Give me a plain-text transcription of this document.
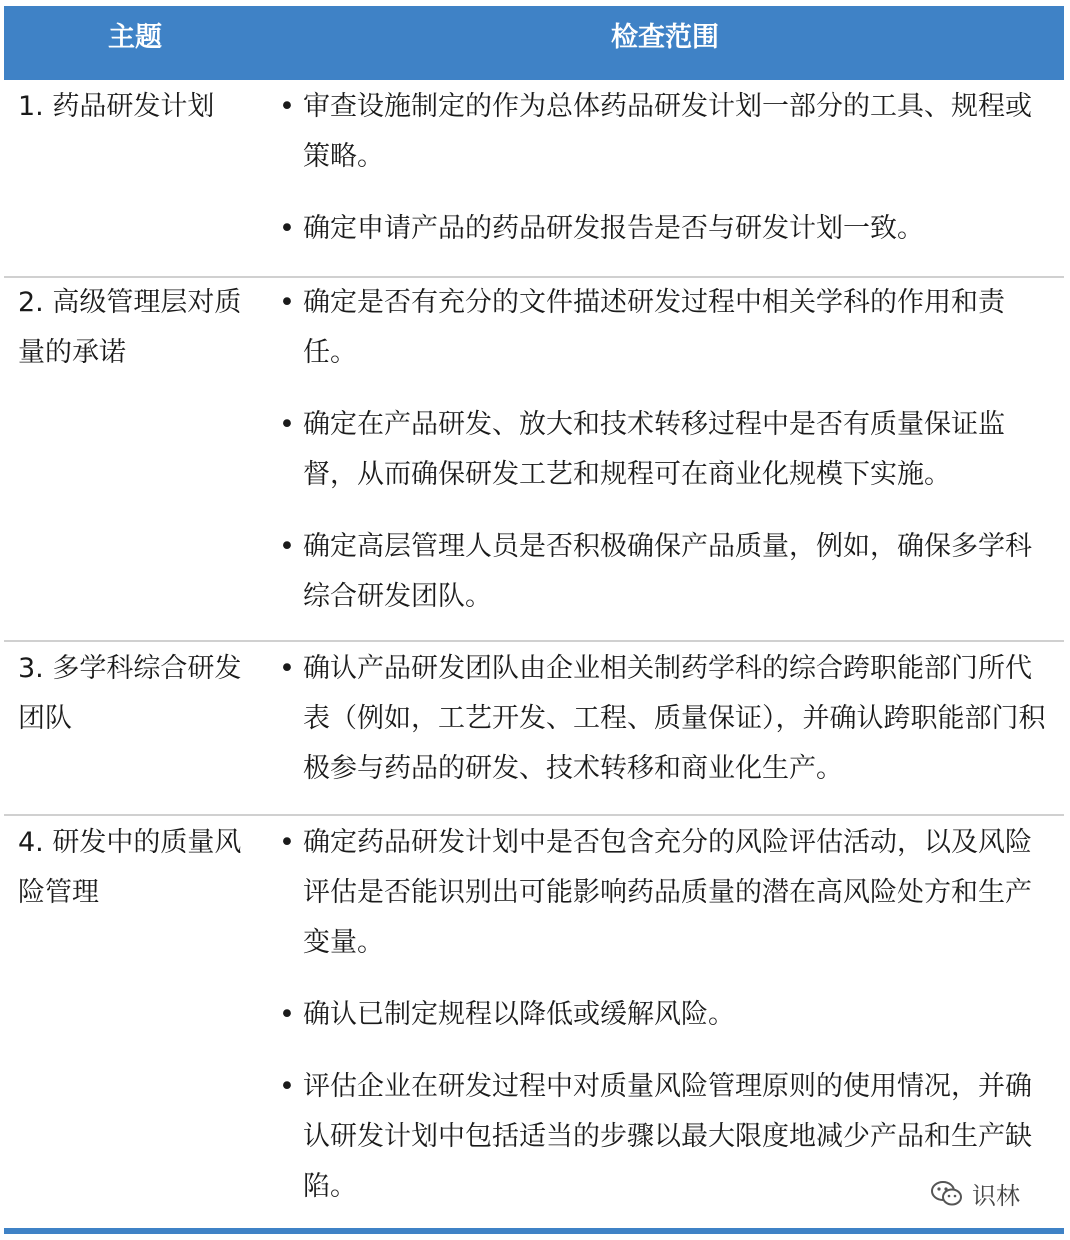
主题	检查范围
1. 药品研发计划	• 审查设施制定的作为总体药品研发计划一部分的工具、规程或策略。
• 确定申请产品的药品研发报告是否与研发计划一致。
2. 高级管理层对质量的承诺
• 确定是否有充分的文件描述研发过程中相关学科的作用和责任。
• 确定在产品研发、放大和技术转移过程中是否有质量保证监督，从而确保研发工艺和规程可在商业化规模下实施。
• 确定高层管理人员是否积极确保产品质量，例如，确保多学科综合研发团队。
3. 多学科综合研发团队
• 确认产品研发团队由企业相关制药学科的综合跨职能部门所代表（例如，工艺开发、工程、质量保证），并确认跨职能部门积极参与药品的研发、技术转移和商业化生产。
4. 研发中的质量风险管理
• 确定药品研发计划中是否包含充分的风险评估活动，以及风险评估是否能识别出可能影响药品质量的潜在高风险处方和生产变量。
• 确认已制定规程以降低或缓解风险。
• 评估企业在研发过程中对质量风险管理原则的使用情况，并确认研发计划中包括适当的步骤以最大限度地减少产品和生产缺陷。	识林
